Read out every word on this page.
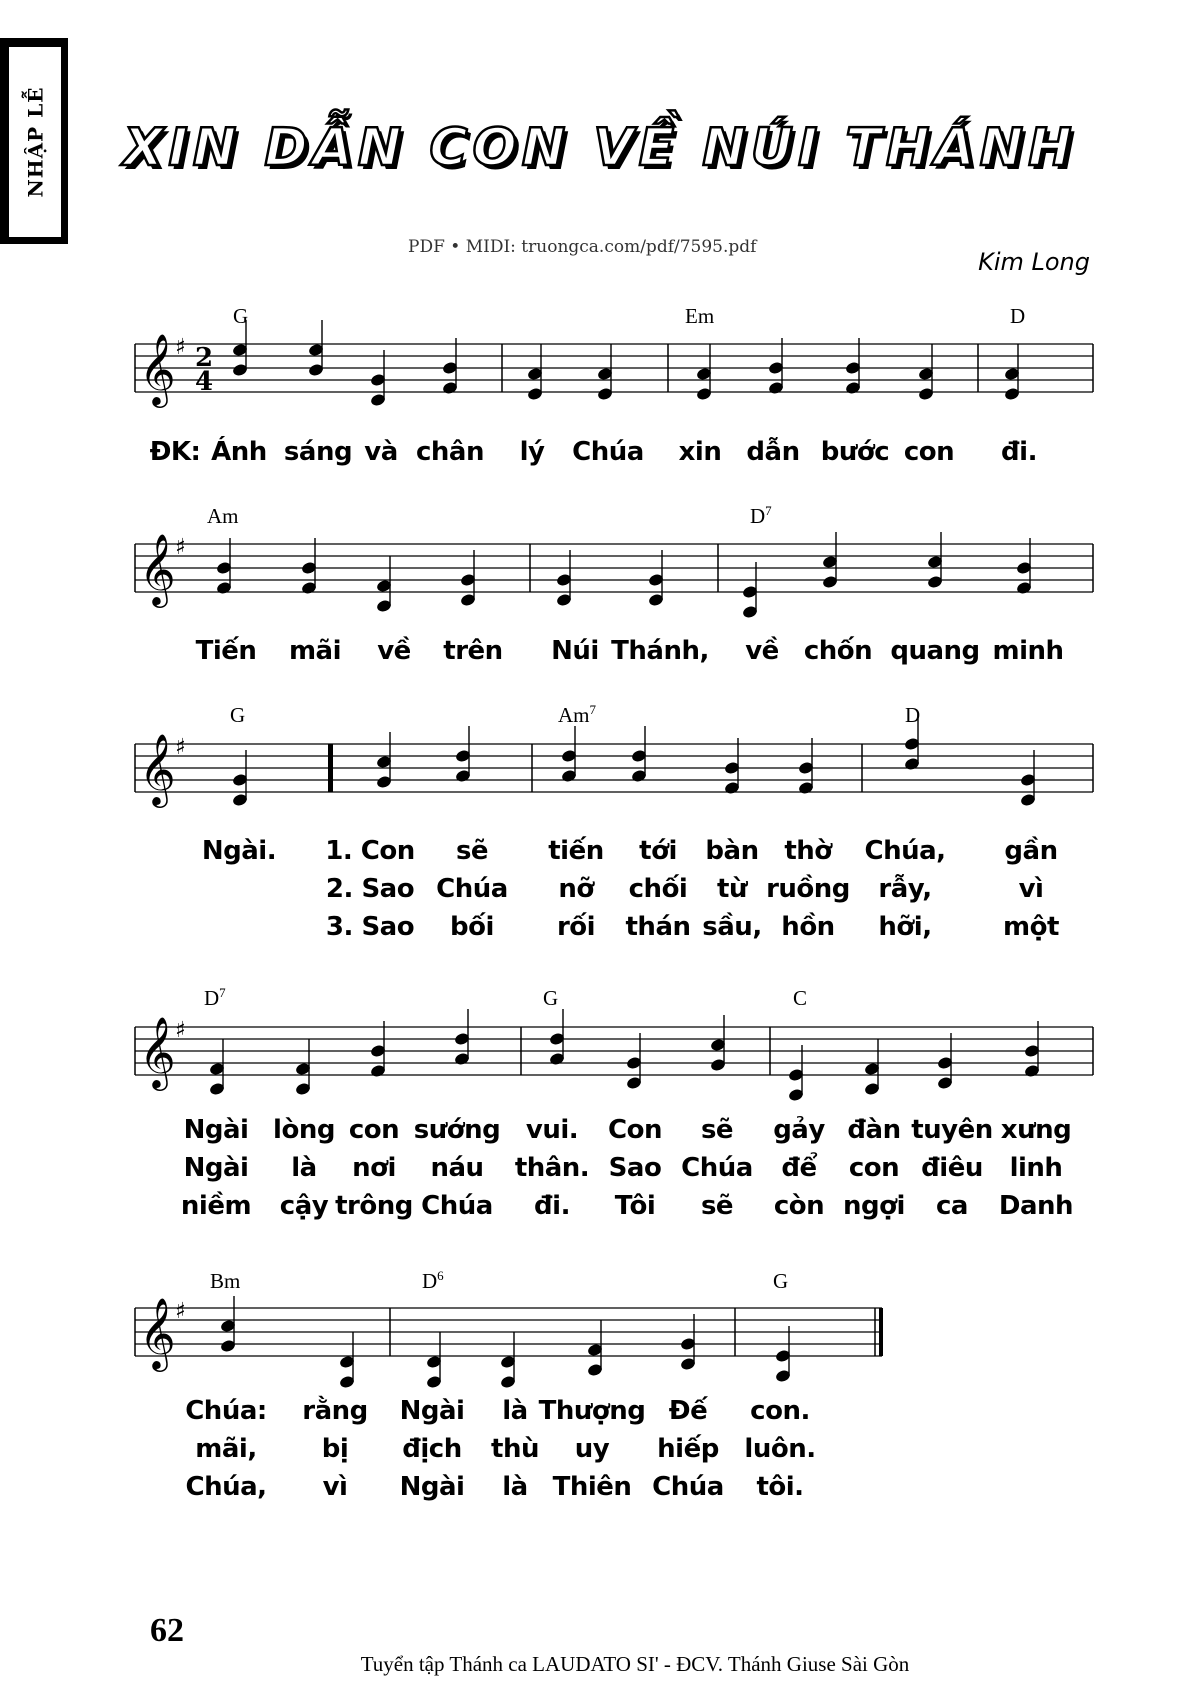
NHẬP LỄ	XIN DẪN CON VỀ NÚI THÁNH
PDF • MIDI: truongca.com/pdf/7595.pdf
Kim Long
𝄞 ♯ 2
4
𝄞 ♯
𝄞 ♯
𝄞 ♯
𝄞 ♯
G	Em	D
Am	$D^7$
G	Am$^7$	D
$D^7$	G	C
Bm	$D^6$	G
ĐK: Ánh sáng và chân lý Chúa xin dẫn bước con đi.
Tiến mãi về trên Núi Thánh, về chốn quang minh
Ngài. 1. Con sẽ tiến tới bàn thờ Chúa, gần
2. Sao Chúa nỡ chối từ ruồng rẫy,	vì
3. Sao bối rối thán sầu, hồn hỡi,	một
Ngài lòng con sướng vui. Con sẽ gảy đàn tuyên xưng
Ngài là nơi náu thân. Sao Chúa để con điêu linh
niềm cậy trông Chúa đi. Tôi sẽ còn ngợi ca Danh
Chúa: rằng Ngài là Thượng Đế con.
mãi,	bị địch thù uy hiếp luôn.
Chúa, vì Ngài là Thiên Chúa tôi.
62
Tuyển tập Thánh ca LAUDATO SI' - ĐCV. Thánh Giuse Sài Gòn
